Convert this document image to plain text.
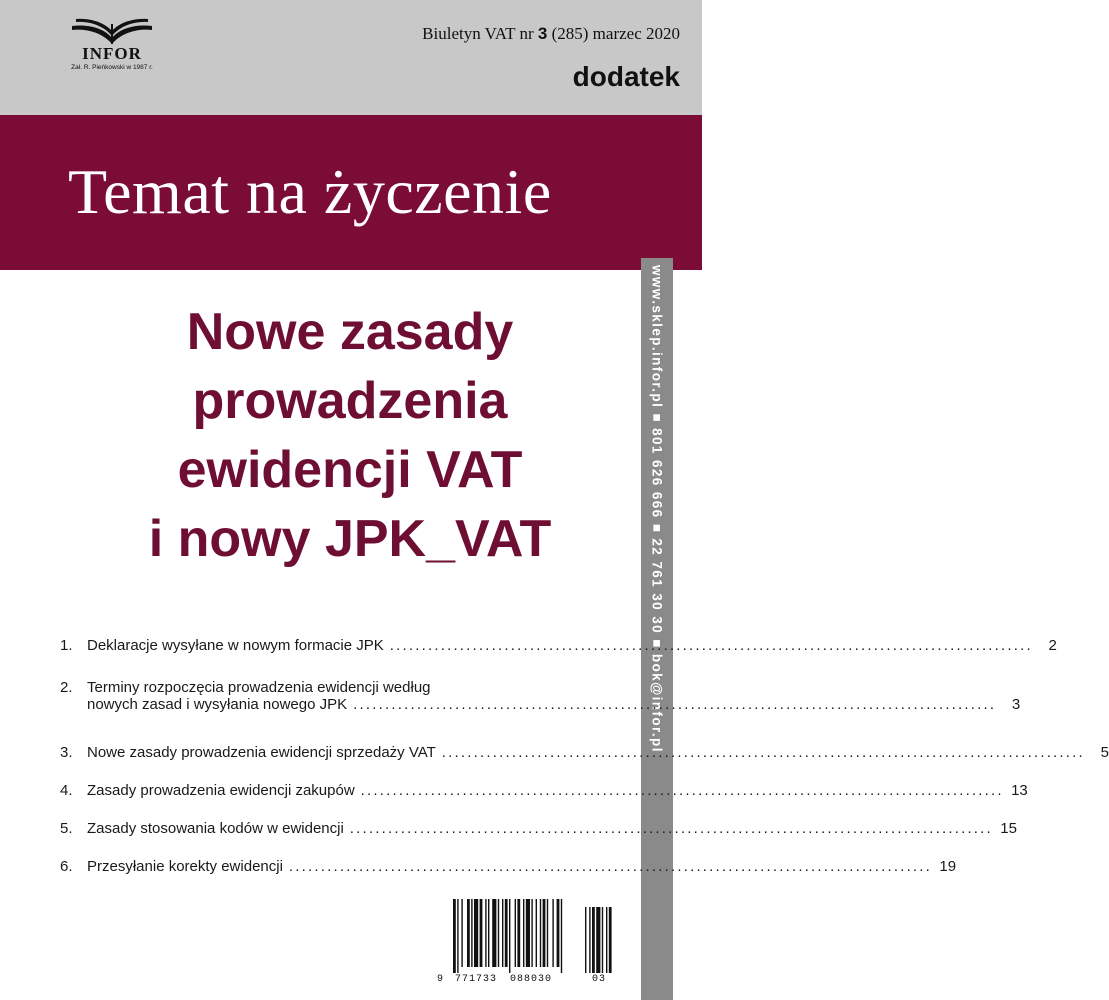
INFOR
Zał. R. Pieńkowski w 1987 r.
Biuletyn VAT nr 3 (285) marzec 2020
dodatek
Temat na życzenie
www.sklep.infor.pl ■ 801 626 666 ■ 22 761 30 30 ■ bok@infor.pl
Nowe zasady
prowadzenia
ewidencji VAT
i nowy JPK_VAT
1. Deklaracje wysyłane w nowym formacie JPK .....................................................................................................	2
2. Terminy rozpoczęcia prowadzenia ewidencji według
nowych zasad i wysyłania nowego JPK .....................................................................................................	3
3. Nowe zasady prowadzenia ewidencji sprzedaży VAT .....................................................................................................	5
4. Zasady prowadzenia ewidencji zakupów ..................................................................................................... 13
5. Zasady stosowania kodów w ewidencji ..................................................................................................... 15
6. Przesyłanie korekty ewidencji ..................................................................................................... 19
9 771733 088030	03
